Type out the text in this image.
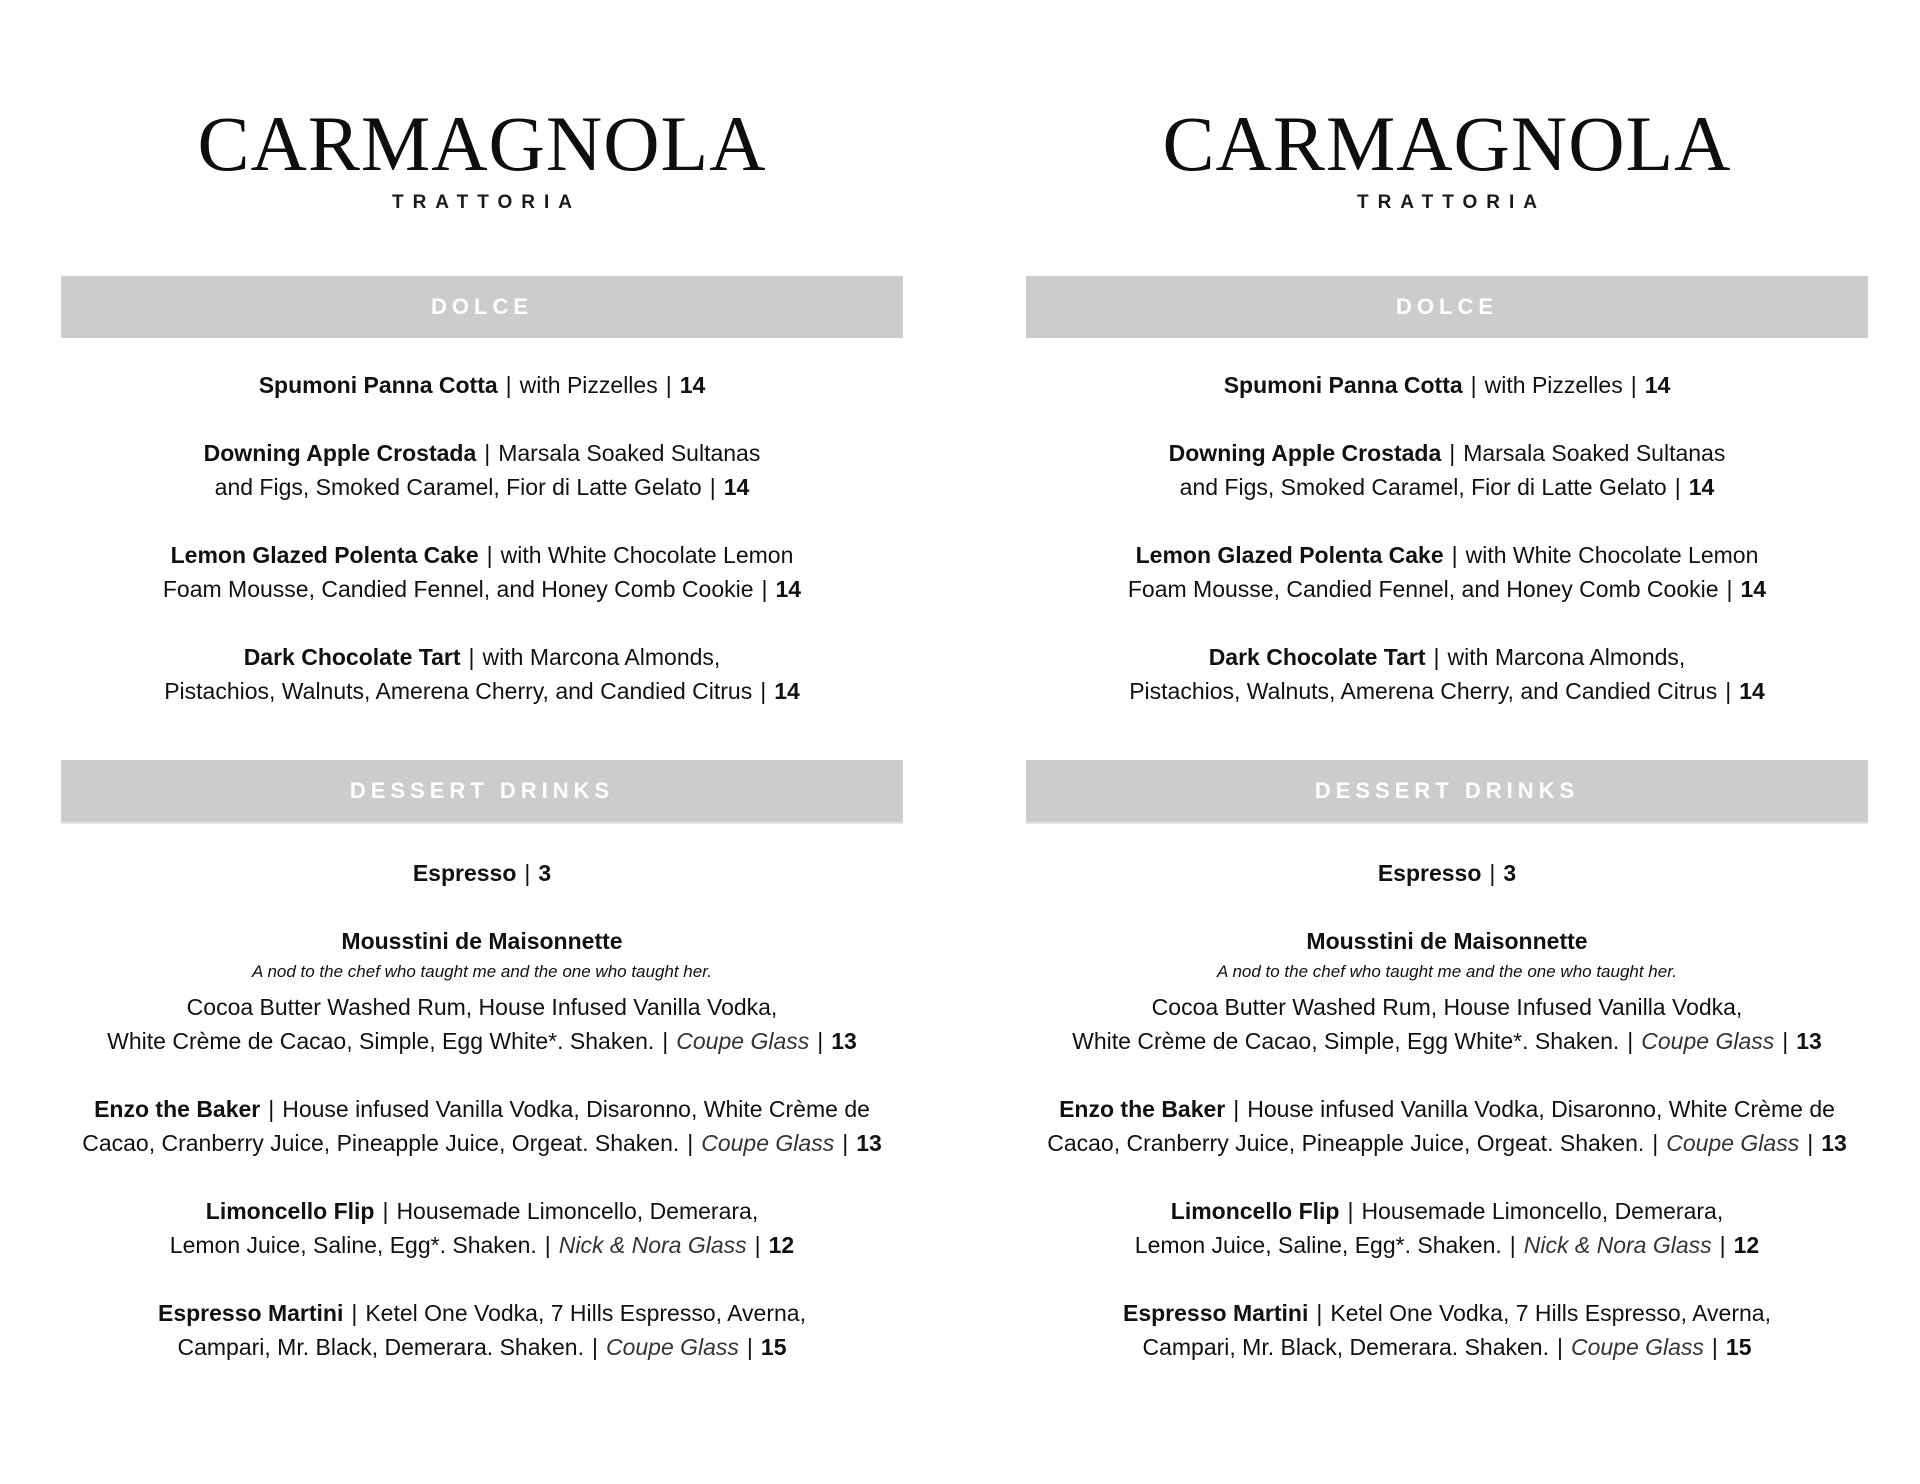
CARMAGNOLA
TRATTORIA
DOLCE
Spumoni Panna Cotta | with Pizzelles | 14
Downing Apple Crostada | Marsala Soaked Sultanas
and Figs, Smoked Caramel, Fior di Latte Gelato | 14
Lemon Glazed Polenta Cake | with White Chocolate Lemon
Foam Mousse, Candied Fennel, and Honey Comb Cookie | 14
Dark Chocolate Tart | with Marcona Almonds,
Pistachios, Walnuts, Amerena Cherry, and Candied Citrus | 14
DESSERT DRINKS
Espresso | 3
Mousstini de Maisonnette
A nod to the chef who taught me and the one who taught her.
Cocoa Butter Washed Rum, House Infused Vanilla Vodka,
White Crème de Cacao, Simple, Egg White*. Shaken. | Coupe Glass | 13
Enzo the Baker | House infused Vanilla Vodka, Disaronno, White Crème de
Cacao, Cranberry Juice, Pineapple Juice, Orgeat. Shaken. | Coupe Glass | 13
Limoncello Flip | Housemade Limoncello, Demerara,
Lemon Juice, Saline, Egg*. Shaken. | Nick & Nora Glass | 12
Espresso Martini | Ketel One Vodka, 7 Hills Espresso, Averna,
Campari, Mr. Black, Demerara. Shaken. | Coupe Glass | 15
CARMAGNOLA
TRATTORIA
DOLCE
Spumoni Panna Cotta | with Pizzelles | 14
Downing Apple Crostada | Marsala Soaked Sultanas
and Figs, Smoked Caramel, Fior di Latte Gelato | 14
Lemon Glazed Polenta Cake | with White Chocolate Lemon
Foam Mousse, Candied Fennel, and Honey Comb Cookie | 14
Dark Chocolate Tart | with Marcona Almonds,
Pistachios, Walnuts, Amerena Cherry, and Candied Citrus | 14
DESSERT DRINKS
Espresso | 3
Mousstini de Maisonnette
A nod to the chef who taught me and the one who taught her.
Cocoa Butter Washed Rum, House Infused Vanilla Vodka,
White Crème de Cacao, Simple, Egg White*. Shaken. | Coupe Glass | 13
Enzo the Baker | House infused Vanilla Vodka, Disaronno, White Crème de
Cacao, Cranberry Juice, Pineapple Juice, Orgeat. Shaken. | Coupe Glass | 13
Limoncello Flip | Housemade Limoncello, Demerara,
Lemon Juice, Saline, Egg*. Shaken. | Nick & Nora Glass | 12
Espresso Martini | Ketel One Vodka, 7 Hills Espresso, Averna,
Campari, Mr. Black, Demerara. Shaken. | Coupe Glass | 15
